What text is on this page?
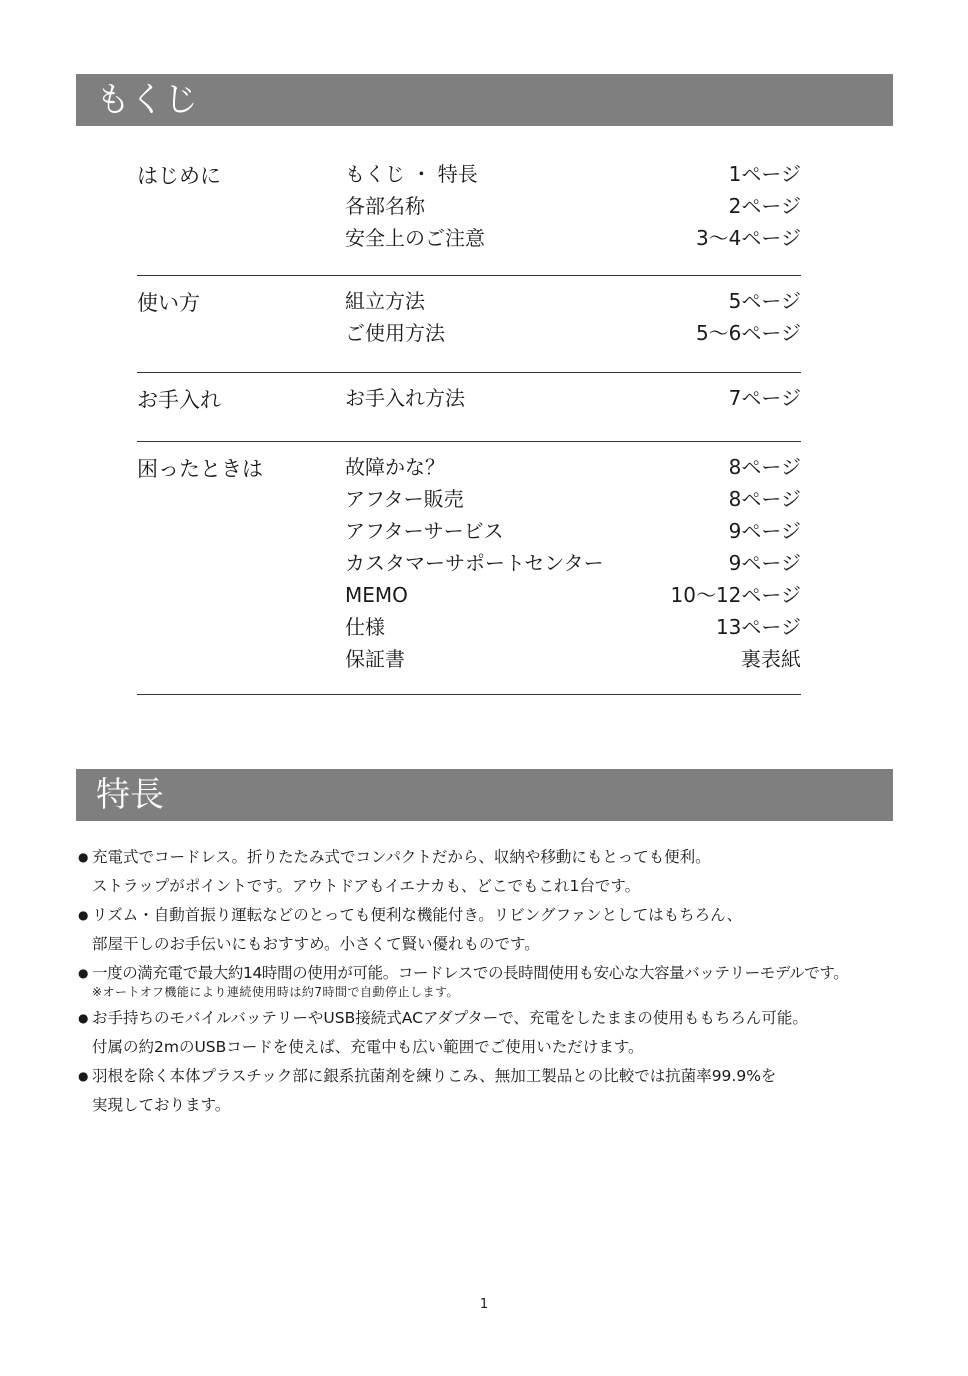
もくじ
はじめに	もくじ ・ 特長	1ページ
各部名称	2ページ
安全上のご注意	3〜4ページ
使い方	組立方法	5ページ
ご使用方法	5〜6ページ
お手入れ	お手入れ方法	7ページ
困ったときは	故障かな？	8ページ
アフター販売	8ページ
アフターサービス	9ページ
カスタマーサポートセンター	9ページ
MEMO	10〜12ページ
仕様	13ページ
保証書	裏表紙
特長
● 充電式でコードレス。折りたたみ式でコンパクトだから、収納や移動にもとっても便利。
ストラップがポイントです。アウトドアもイエナカも、どこでもこれ1台です。
● リズム・自動首振り運転などのとっても便利な機能付き。リビングファンとしてはもちろん、
部屋干しのお手伝いにもおすすめ。小さくて賢い優れものです。
● 一度の満充電で最大約14時間の使用が可能。コードレスでの長時間使用も安心な大容量バッテリーモデルです。
※オートオフ機能により連続使用時は約7時間で自動停止します。
● お手持ちのモバイルバッテリーやUSB接続式ACアダプターで、充電をしたままの使用ももちろん可能。
付属の約2mのUSBコードを使えば、充電中も広い範囲でご使用いただけます。
● 羽根を除く本体プラスチック部に銀系抗菌剤を練りこみ、無加工製品との比較では抗菌率99.9%を
実現しております。
1
